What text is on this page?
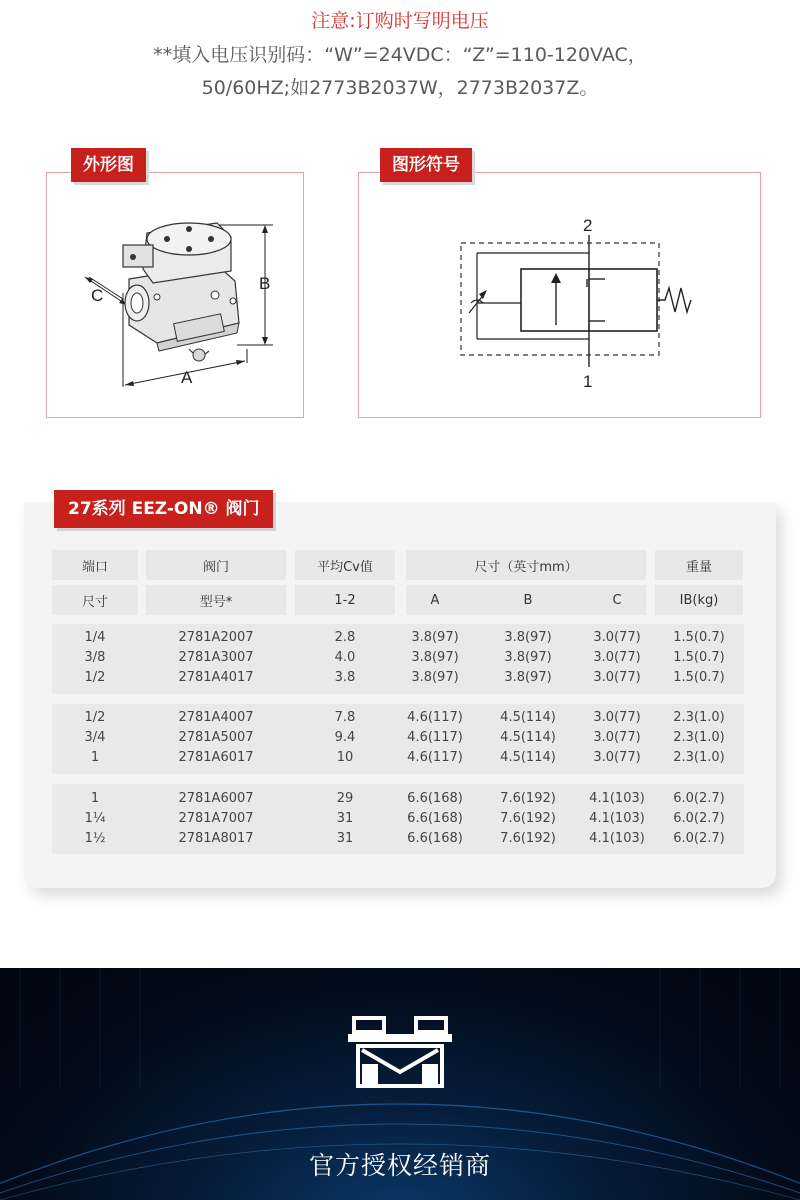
注意:订购时写明电压
**填入电压识别码：“W”=24VDC：“Z”=110-120VAC，
50/60HZ;如2773B2037W，2773B2037Z。
B
A
C
外形图
2
1
图形符号
27系列 EEZ-ON® 阀门
端口	阀门	平均Cv值	尺寸（英寸mm）	重量
尺寸	型号*	1-2	A	B	C	IB(kg)
1/4	2781A2007	2.8	3.8(97)	3.8(97)	3.0(77)	1.5(0.7)
3/8	2781A3007	4.0	3.8(97)	3.8(97)	3.0(77)	1.5(0.7)
1/2	2781A4017	3.8	3.8(97)	3.8(97)	3.0(77)	1.5(0.7)
1/2	2781A4007	7.8	4.6(117)	4.5(114)	3.0(77)	2.3(1.0)
3/4	2781A5007	9.4	4.6(117)	4.5(114)	3.0(77)	2.3(1.0)
1	2781A6017	10	4.6(117)	4.5(114)	3.0(77)	2.3(1.0)
1	2781A6007	29	6.6(168)	7.6(192)	4.1(103)	6.0(2.7)
1¼	2781A7007	31	6.6(168)	7.6(192)	4.1(103)	6.0(2.7)
1½	2781A8017	31	6.6(168)	7.6(192)	4.1(103)	6.0(2.7)
官方授权经销商
